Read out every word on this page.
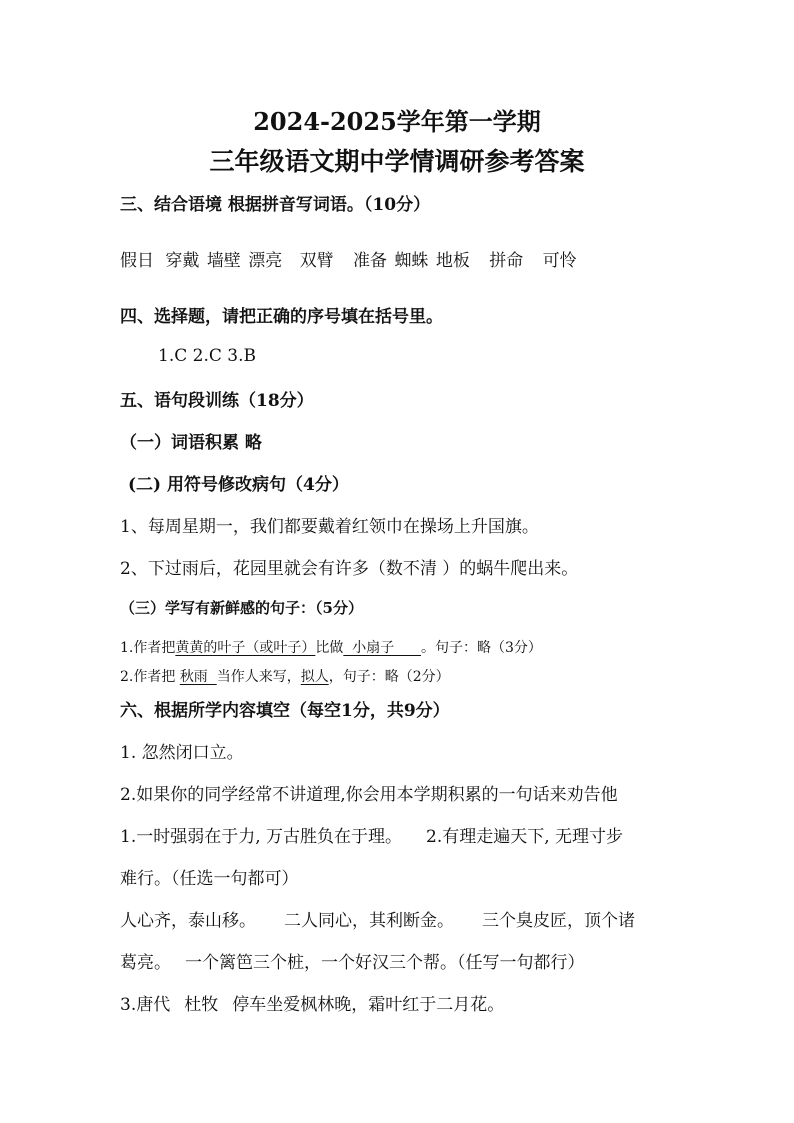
2024-2025学年第一学期
三年级语文期中学情调研参考答案
三、结合语境 根据拼音写词语。（10分）
假日 穿戴 墙壁 漂亮 双臂 准备 蜘蛛 地板 拼命 可怜
四、选择题，请把正确的序号填在括号里。
1.C 2.C 3.B
五、语句段训练（18分）
（一）词语积累 略
(二) 用符号修改病句（4分）
1、每周星期一，我们都要戴着红领巾在操场上升国旗。
2、下过雨后，花园里就会有许多（数不清 ）的蜗牛爬出来。
（三）学写有新鲜感的句子：（5分）
1.作者把黄黄的叶子（或叶子）比做  小扇子      。句子：略（3分）
2.作者把 秋雨  当作人来写，拟人，句子：略（2分）
六、根据所学内容填空（每空1分，共9分）
1. 忽然闭口立。
2.如果你的同学经常不讲道理,你会用本学期积累的一句话来劝告他
1.一时强弱在于力, 万古胜负在于理。 2.有理走遍天下, 无理寸步
难行。（任选一句都可）
人心齐，泰山移。 二人同心，其利断金。 三个臭皮匠，顶个诸
葛亮。 一个篱笆三个桩，一个好汉三个帮。（任写一句都行）
3.唐代 杜牧 停车坐爱枫林晚，霜叶红于二月花。
